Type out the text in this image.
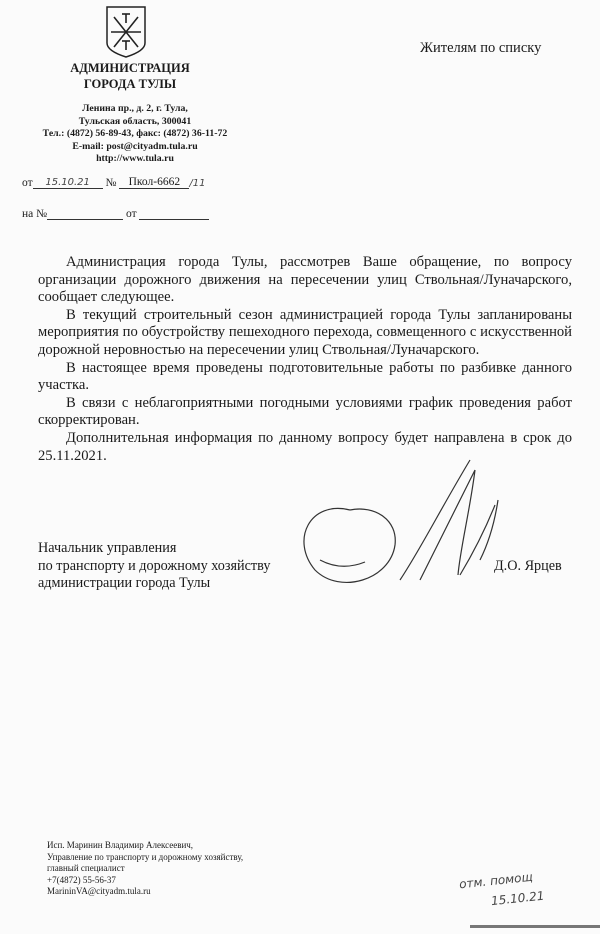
АДМИНИСТРАЦИЯ
ГОРОДА ТУЛЫ
Ленина пр., д. 2, г. Тула,
Тульская область, 300041
Тел.: (4872) 56-89-43, факс: (4872) 36-11-72
E-mail: post@cityadm.tula.ru
http://www.tula.ru
от 15.10.21 № Пкол-6662 /11
на №	от
Жителям по списку

Администрация города Тулы, рассмотрев Ваше обращение, по вопросу организации дорожного движения на пересечении улиц Ствольная/Луначарского, сообщает следующее.

В текущий строительный сезон администрацией города Тулы запланированы мероприятия по обустройству пешеходного перехода, совмещенного с искусственной дорожной неровностью на пересечении улиц Ствольная/Луначарского.

В настоящее время проведены подготовительные работы по разбивке данного участка.

В связи с неблагоприятными погодными условиями график проведения работ скорректирован.

Дополнительная информация по данному вопросу будет направлена в срок до 25.11.2021.

Начальник управления
по транспорту и дорожному хозяйству
администрации города Тулы
Д.О. Ярцев
Исп. Маринин Владимир Алексеевич,
Управление по транспорту и дорожному хозяйству,
главный специалист
+7(4872) 55-56-37
MarininVA@cityadm.tula.ru	отм. помощ
15.10.21
